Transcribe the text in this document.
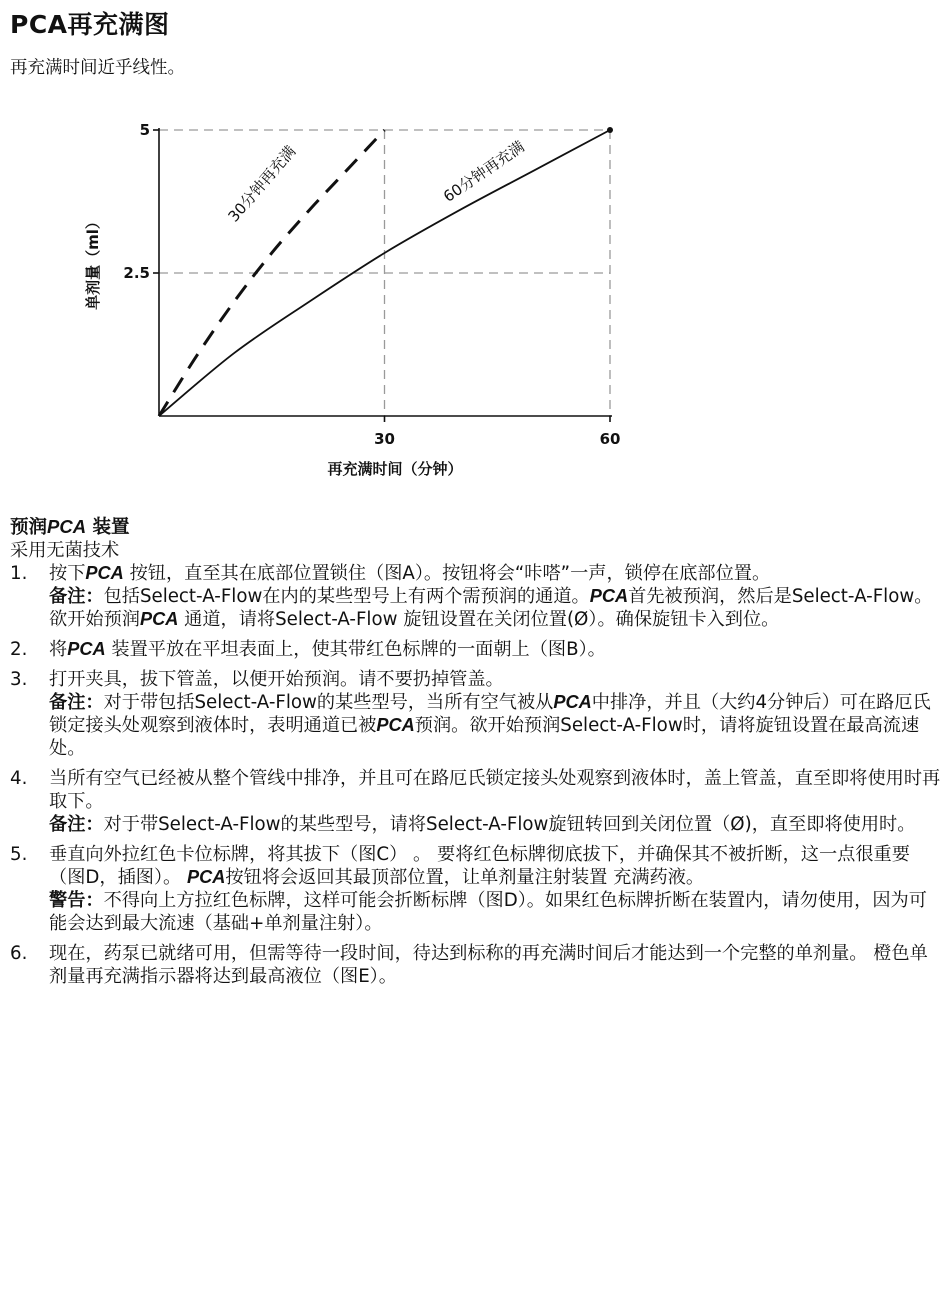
PCA再充满图
再充满时间近乎线性。
2.5
5
30	60
30分钟再充满	60分钟再充满
再充满时间（分钟）
单剂量（ml）
预润PCA 装置
采用无菌技术
1. 按下PCA 按钮，直至其在底部位置锁住（图A）。按钮将会“咔嗒”一声，锁停在底部位置。
备注：包括Select-A-Flow在内的某些型号上有两个需预润的通道。PCA首先被预润，然后是Select-A-Flow。欲开始预润PCA 通道，请将Select-A-Flow 旋钮设置在关闭位置(Ø）。确保旋钮卡入到位。
2. 将PCA 装置平放在平坦表面上，使其带红色标牌的一面朝上（图B）。
3. 打开夹具，拔下管盖，以便开始预润。请不要扔掉管盖。
备注：对于带包括Select-A-Flow的某些型号，当所有空气被从PCA中排净，并且（大约4分钟后）可在路厄氏锁定接头处观察到液体时，表明通道已被PCA预润。欲开始预润Select-A-Flow时，请将旋钮设置在最高流速处。
4. 当所有空气已经被从整个管线中排净，并且可在路厄氏锁定接头处观察到液体时，盖上管盖，直至即将使用时再取下。
备注：对于带Select-A-Flow的某些型号，请将Select-A-Flow旋钮转回到关闭位置（Ø)，直至即将使用时。
5. 垂直向外拉红色卡位标牌，将其拔下（图C） 。 要将红色标牌彻底拔下，并确保其不被折断，这一点很重要（图D，插图）。 PCA按钮将会返回其最顶部位置，让单剂量注射装置 充满药液。
警告：不得向上方拉红色标牌，这样可能会折断标牌（图D）。如果红色标牌折断在装置内，请勿使用，因为可能会达到最大流速（基础+单剂量注射）。
6. 现在，药泵已就绪可用，但需等待一段时间，待达到标称的再充满时间后才能达到一个完整的单剂量。 橙色单剂量再充满指示器将达到最高液位（图E）。
